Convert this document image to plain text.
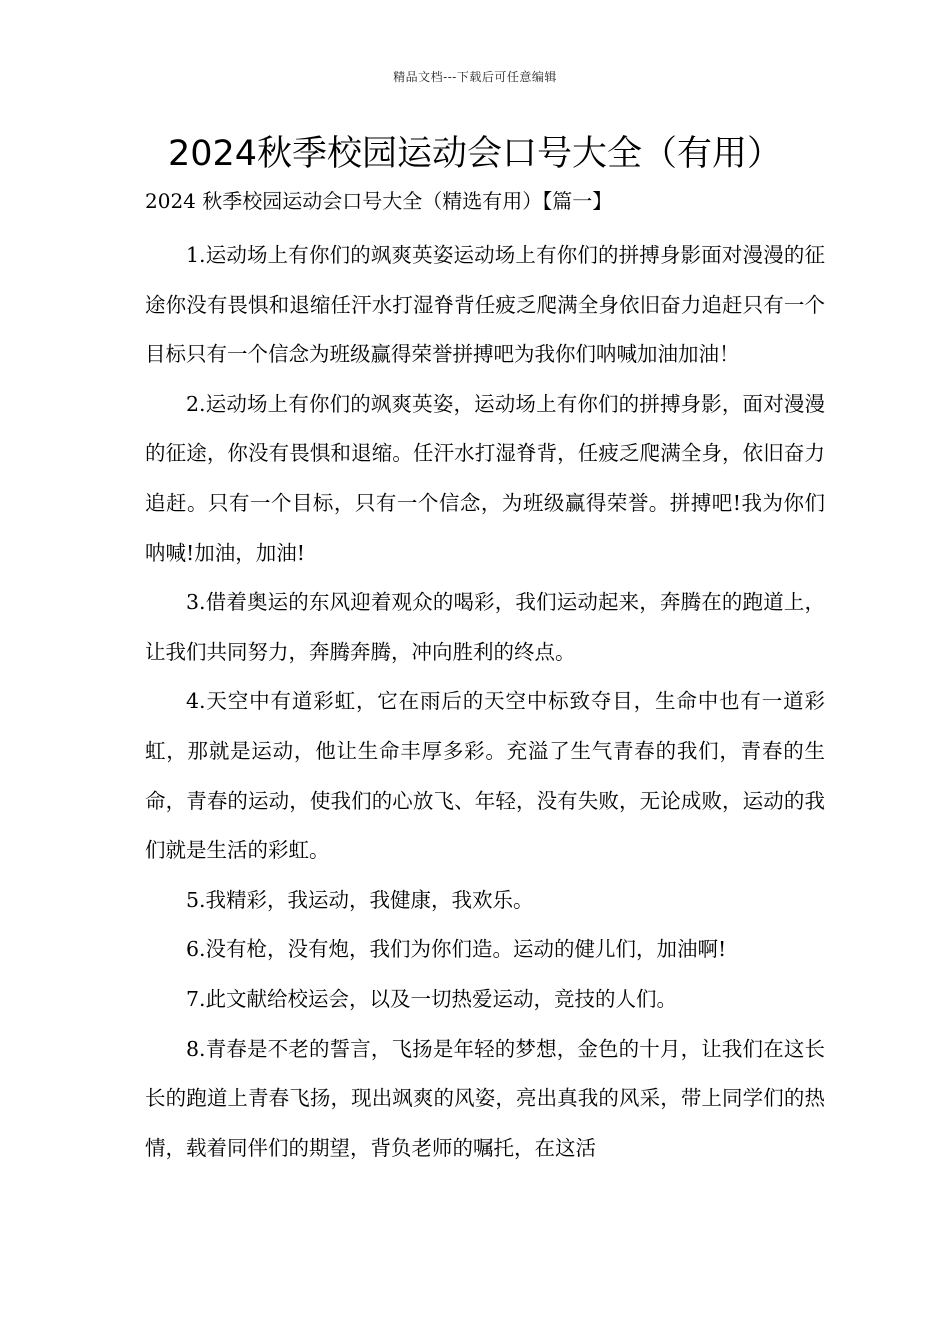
精品文档---下载后可任意编辑
2024秋季校园运动会口号大全（有用）
2024 秋季校园运动会口号大全（精选有用）【篇一】

1.运动场上有你们的飒爽英姿运动场上有你们的拼搏身影面对漫漫的征途你没有畏惧和退缩任汗水打湿脊背任疲乏爬满全身依旧奋力追赶只有一个目标只有一个信念为班级赢得荣誉拼搏吧为我你们呐喊加油加油！

2.运动场上有你们的飒爽英姿，运动场上有你们的拼搏身影，面对漫漫的征途，你没有畏惧和退缩。任汗水打湿脊背，任疲乏爬满全身，依旧奋力追赶。只有一个目标，只有一个信念，为班级赢得荣誉。拼搏吧!我为你们呐喊!加油，加油!

3.借着奥运的东风迎着观众的喝彩，我们运动起来，奔腾在的跑道上，让我们共同努力，奔腾奔腾，冲向胜利的终点。

4.天空中有道彩虹，它在雨后的天空中标致夺目，生命中也有一道彩虹，那就是运动，他让生命丰厚多彩。充溢了生气青春的我们，青春的生命，青春的运动，使我们的心放飞、年轻，没有失败，无论成败，运动的我们就是生活的彩虹。

5.我精彩，我运动，我健康，我欢乐。

6.没有枪，没有炮，我们为你们造。运动的健儿们，加油啊!

7.此文献给校运会，以及一切热爱运动，竞技的人们。

8.青春是不老的誓言，飞扬是年轻的梦想，金色的十月，让我们在这长长的跑道上青春飞扬，现出飒爽的风姿，亮出真我的风采，带上同学们的热情，载着同伴们的期望，背负老师的嘱托，在这活
